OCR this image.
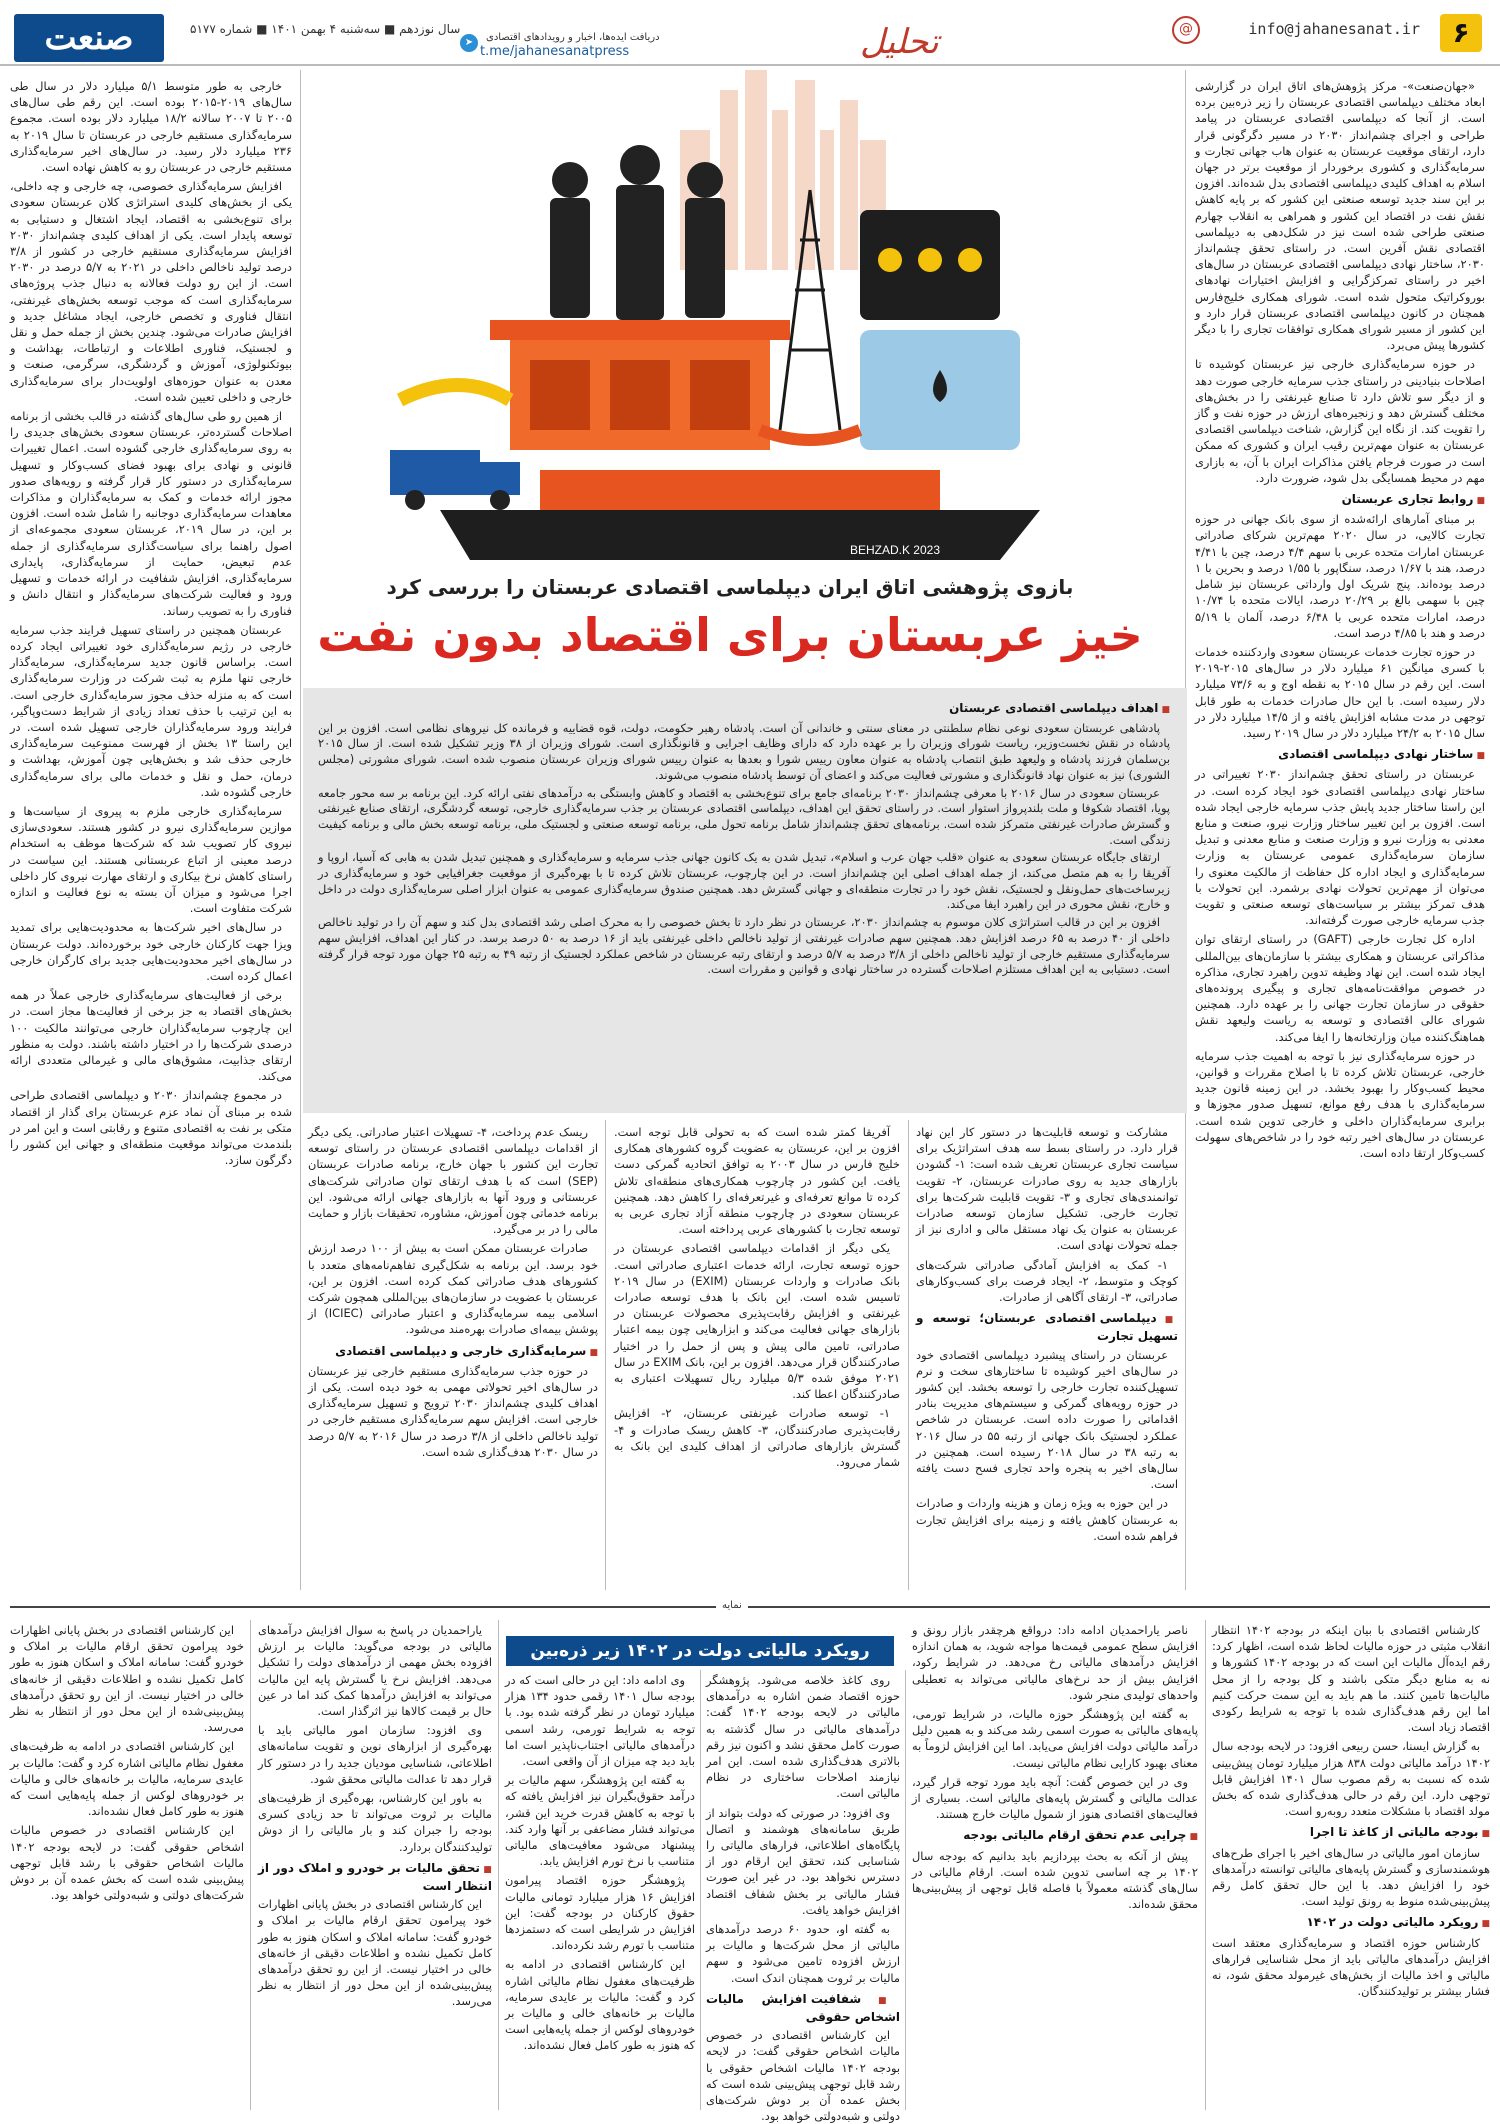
۶
info@jahanesanat.ir
@
تحلیل
➤	دریافت ایده‌ها، اخبار و رویدادهای اقتصادی
t.me/jahanesanatpress
سال نوزدهم ■ سه‌شنبه ۴ بهمن ۱۴۰۱ ■ شماره ۵۱۷۷
صنعت

«جهان‌صنعت»- مرکز پژوهش‌های اتاق ایران در گزارشی ابعاد مختلف دیپلماسی اقتصادی عربستان را زیر ذره‌بین برده است. از آنجا که دیپلماسی اقتصادی عربستان در پیامد طراحی و اجرای چشم‌انداز ۲۰۳۰ در مسیر دگرگونی قرار دارد، ارتقای موقعیت عربستان به عنوان هاب جهانی تجارت و سرمایه‌گذاری و کشوری برخوردار از موقعیت برتر در جهان اسلام به اهداف کلیدی دیپلماسی اقتصادی بدل شده‌اند. افزون بر این سند جدید توسعه صنعتی این کشور که بر پایه کاهش نقش نفت در اقتصاد این کشور و همراهی به انقلاب چهارم صنعتی طراحی شده است نیز در شکل‌دهی به دیپلماسی اقتصادی نقش آفرین است. در راستای تحقق چشم‌انداز ۲۰۳۰، ساختار نهادی دیپلماسی اقتصادی عربستان در سال‌های اخیر در راستای تمرکزگرایی و افزایش اختیارات نهادهای بوروکراتیک متحول شده است. شورای همکاری خلیج‌فارس همچنان در کانون دیپلماسی اقتصادی عربستان قرار دارد و این کشور از مسیر شورای همکاری توافقات تجاری را با دیگر کشورها پیش می‌برد.

در حوزه سرمایه‌گذاری خارجی نیز عربستان کوشیده تا اصلاحات بنیادینی در راستای جذب سرمایه خارجی صورت دهد و از دیگر سو تلاش دارد تا صنایع غیرنفتی را در بخش‌های مختلف گسترش دهد و زنجیره‌های ارزش در حوزه نفت و گاز را تقویت کند. از نگاه این گزارش، شناخت دیپلماسی اقتصادی عربستان به عنوان مهم‌ترین رقیب ایران و کشوری که ممکن است در صورت فرجام یافتن مذاکرات ایران با آن، به بازاری مهم در محیط همسایگی بدل شود، ضرورت دارد.

■ روابط تجاری عربستان

بر مبنای آمارهای ارائه‌شده از سوی بانک جهانی در حوزه تجارت کالایی، در سال ۲۰۲۰ مهم‌ترین شرکای صادراتی عربستان امارات متحده عربی با سهم ۴/۴ درصد، چین با ۴/۴۱ درصد، هند با ۱/۶۷ درصد، سنگاپور با ۱/۵۵ درصد و بحرین با ۱ درصد بوده‌اند. پنج شریک اول وارداتی عربستان نیز شامل چین با سهمی بالغ بر ۲۰/۲۹ درصد، ایالات متحده با ۱۰/۷۴ درصد، امارات متحده عربی با ۶/۴۸ درصد، آلمان با ۵/۱۹ درصد و هند با ۴/۸۵ درصد است.

در حوزه تجارت خدمات عربستان سعودی واردکننده خدمات با کسری میانگین ۶۱ میلیارد دلار در سال‌های ۲۰۱۵-۲۰۱۹ است. این رقم در سال ۲۰۱۵ به نقطه اوج و به ۷۳/۶ میلیارد دلار رسیده است. با این حال صادرات خدمات به طور قابل توجهی در مدت مشابه افزایش یافته و از ۱۴/۵ میلیارد دلار در سال ۲۰۱۵ به ۲۴/۲ میلیارد دلار در سال ۲۰۱۹ رسید.

■ ساختار نهادی دیپلماسی اقتصادی

عربستان در راستای تحقق چشم‌انداز ۲۰۳۰ تغییراتی در ساختار نهادی دیپلماسی اقتصادی خود ایجاد کرده است. در این راستا ساختار جدید پایش جذب سرمایه خارجی ایجاد شده است. افزون بر این تغییر ساختار وزارت نیرو، صنعت و منابع معدنی به وزارت نیرو و وزارت صنعت و منابع معدنی و تبدیل سازمان سرمایه‌گذاری عمومی عربستان به وزارت سرمایه‌گذاری و ایجاد اداره کل حفاظت از مالکیت معنوی را می‌توان از مهم‌ترین تحولات نهادی برشمرد. این تحولات با هدف تمرکز بیشتر بر سیاست‌های توسعه صنعتی و تقویت جذب سرمایه خارجی صورت گرفته‌اند.

اداره کل تجارت خارجی (GAFT) در راستای ارتقای توان مذاکراتی عربستان و همکاری بیشتر با سازمان‌های بین‌المللی ایجاد شده است. این نهاد وظیفه تدوین راهبرد تجاری، مذاکره در خصوص موافقت‌نامه‌های تجاری و پیگیری پرونده‌های حقوقی در سازمان تجارت جهانی را بر عهده دارد. همچنین شورای عالی اقتصادی و توسعه به ریاست ولیعهد نقش هماهنگ‌کننده میان وزارتخانه‌ها را ایفا می‌کند.

در حوزه سرمایه‌گذاری نیز با توجه به اهمیت جذب سرمایه خارجی، عربستان تلاش کرده تا با اصلاح مقررات و قوانین، محیط کسب‌وکار را بهبود بخشد. در این زمینه قانون جدید سرمایه‌گذاری با هدف رفع موانع، تسهیل صدور مجوزها و برابری سرمایه‌گذاران داخلی و خارجی تدوین شده است. عربستان در سال‌های اخیر رتبه خود را در شاخص‌های سهولت کسب‌وکار ارتقا داده است.

BEHZAD.K 2023
بازوی پژوهشی اتاق ایران دیپلماسی اقتصادی عربستان را بررسی کرد
خیز عربستان برای اقتصاد بدون نفت
■ اهداف دیپلماسی اقتصادی عربستان

پادشاهی عربستان سعودی نوعی نظام سلطنتی در معنای سنتی و خاندانی آن است. پادشاه رهبر حکومت، دولت، قوه قضاییه و فرمانده کل نیروهای نظامی است. افزون بر این پادشاه در نقش نخست‌وزیر، ریاست شورای وزیران را بر عهده دارد که دارای وظایف اجرایی و قانونگذاری است. شورای وزیران از ۳۸ وزیر تشکیل شده است. از سال ۲۰۱۵ بن‌سلمان فرزند پادشاه و ولیعهد طبق انتصاب پادشاه به عنوان معاون رییس شورا و بعدها به عنوان رییس شورای وزیران عربستان منصوب شده است. شورای مشورتی (مجلس الشوری) نیز به عنوان نهاد قانونگذاری و مشورتی فعالیت می‌کند و اعضای آن توسط پادشاه منصوب می‌شوند.

عربستان سعودی در سال ۲۰۱۶ با معرفی چشم‌انداز ۲۰۳۰ برنامه‌ای جامع برای تنوع‌بخشی به اقتصاد و کاهش وابستگی به درآمدهای نفتی ارائه کرد. این برنامه بر سه محور جامعه پویا، اقتصاد شکوفا و ملت بلندپرواز استوار است. در راستای تحقق این اهداف، دیپلماسی اقتصادی عربستان بر جذب سرمایه‌گذاری خارجی، توسعه گردشگری، ارتقای صنایع غیرنفتی و گسترش صادرات غیرنفتی متمرکز شده است. برنامه‌های تحقق چشم‌انداز شامل برنامه تحول ملی، برنامه توسعه صنعتی و لجستیک ملی، برنامه توسعه بخش مالی و برنامه کیفیت زندگی است.

ارتقای جایگاه عربستان سعودی به عنوان «قلب جهان عرب و اسلام»، تبدیل شدن به یک کانون جهانی جذب سرمایه و سرمایه‌گذاری و همچنین تبدیل شدن به هابی که آسیا، اروپا و آفریقا را به هم متصل می‌کند، از جمله اهداف اصلی این چشم‌انداز است. در این چارچوب، عربستان تلاش کرده تا با بهره‌گیری از موقعیت جغرافیایی خود و سرمایه‌گذاری در زیرساخت‌های حمل‌ونقل و لجستیک، نقش خود را در تجارت منطقه‌ای و جهانی گسترش دهد. همچنین صندوق سرمایه‌گذاری عمومی به عنوان ابزار اصلی سرمایه‌گذاری دولت در داخل و خارج، نقش محوری در این راهبرد ایفا می‌کند.

افزون بر این در قالب استراتژی کلان موسوم به چشم‌انداز ۲۰۳۰، عربستان در نظر دارد تا بخش خصوصی را به محرک اصلی رشد اقتصادی بدل کند و سهم آن را در تولید ناخالص داخلی از ۴۰ درصد به ۶۵ درصد افزایش دهد. همچنین سهم صادرات غیرنفتی از تولید ناخالص داخلی غیرنفتی باید از ۱۶ درصد به ۵۰ درصد برسد. در کنار این اهداف، افزایش سهم سرمایه‌گذاری مستقیم خارجی از تولید ناخالص داخلی از ۳/۸ درصد به ۵/۷ درصد و ارتقای رتبه عربستان در شاخص عملکرد لجستیک از رتبه ۴۹ به رتبه ۲۵ جهان مورد توجه قرار گرفته است. دستیابی به این اهداف مستلزم اصلاحات گسترده در ساختار نهادی و قوانین و مقررات است.

مشارکت و توسعه قابلیت‌ها در دستور کار این نهاد قرار دارد. در راستای بسط سه هدف استراتژیک برای سیاست تجاری عربستان تعریف شده است: ۱- گشودن بازارهای جدید به روی صادرات عربستان، ۲- تقویت توانمندی‌های تجاری و ۳- تقویت قابلیت شرکت‌ها برای تجارت خارجی. تشکیل سازمان توسعه صادرات عربستان به عنوان یک نهاد مستقل مالی و اداری نیز از جمله تحولات نهادی است.

۱- کمک به افزایش آمادگی صادراتی شرکت‌های کوچک و متوسط، ۲- ایجاد فرصت برای کسب‌وکارهای صادراتی، ۳- ارتقای آگاهی از صادرات.

■ دیپلماسی اقتصادی عربستان؛ توسعه و تسهیل تجارت

عربستان در راستای پیشبرد دیپلماسی اقتصادی خود در سال‌های اخیر کوشیده تا ساختارهای سخت و نرم تسهیل‌کننده تجارت خارجی را توسعه بخشد. این کشور در حوزه رویه‌های گمرکی و سیستم‌های مدیریت بنادر اقداماتی را صورت داده است. عربستان در شاخص عملکرد لجستیک بانک جهانی از رتبه ۵۵ در سال ۲۰۱۶ به رتبه ۳۸ در سال ۲۰۱۸ رسیده است. همچنین در سال‌های اخیر به پنجره واحد تجاری فسح دست یافته است.

در این حوزه به ویژه زمان و هزینه واردات و صادرات به عربستان کاهش یافته و زمینه برای افزایش تجارت فراهم شده است.

آفریقا کمتر شده است که به تحولی قابل توجه است. افزون بر این، عربستان به عضویت گروه کشورهای همکاری خلیج فارس در سال ۲۰۰۳ به توافق اتحادیه گمرکی دست یافت. این کشور در چارچوب همکاری‌های منطقه‌ای تلاش کرده تا موانع تعرفه‌ای و غیرتعرفه‌ای را کاهش دهد. همچنین عربستان سعودی در چارچوب منطقه آزاد تجاری عربی به توسعه تجارت با کشورهای عربی پرداخته است.

یکی دیگر از اقدامات دیپلماسی اقتصادی عربستان در حوزه توسعه تجارت، ارائه خدمات اعتباری صادراتی است. بانک صادرات و واردات عربستان (EXIM) در سال ۲۰۱۹ تاسیس شده است. این بانک با هدف توسعه صادرات غیرنفتی و افزایش رقابت‌پذیری محصولات عربستان در بازارهای جهانی فعالیت می‌کند و ابزارهایی چون بیمه اعتبار صادراتی، تامین مالی پیش و پس از حمل را در اختیار صادرکنندگان قرار می‌دهد. افزون بر این، بانک EXIM در سال ۲۰۲۱ موفق شده ۵/۳ میلیارد ریال تسهیلات اعتباری به صادرکنندگان اعطا کند.

۱- توسعه صادرات غیرنفتی عربستان، ۲- افزایش رقابت‌پذیری صادرکنندگان، ۳- کاهش ریسک صادرات و ۴- گسترش بازارهای صادراتی از اهداف کلیدی این بانک به شمار می‌رود.

ریسک عدم پرداخت، ۴- تسهیلات اعتبار صادراتی. یکی دیگر از اقدامات دیپلماسی اقتصادی عربستان در راستای توسعه تجارت این کشور با جهان خارج، برنامه صادرات عربستان (SEP) است که با هدف ارتقای توان صادراتی شرکت‌های عربستانی و ورود آنها به بازارهای جهانی ارائه می‌شود. این برنامه خدماتی چون آموزش، مشاوره، تحقیقات بازار و حمایت مالی را در بر می‌گیرد.

صادرات عربستان ممکن است به بیش از ۱۰۰ درصد ارزش خود برسد. این برنامه به شکل‌گیری تفاهم‌نامه‌های متعدد با کشورهای هدف صادراتی کمک کرده است. افزون بر این، عربستان با عضویت در سازمان‌های بین‌المللی همچون شرکت اسلامی بیمه سرمایه‌گذاری و اعتبار صادراتی (ICIEC) از پوشش بیمه‌ای صادرات بهره‌مند می‌شود.

■ سرمایه‌گذاری خارجی و دیپلماسی اقتصادی

در حوزه جذب سرمایه‌گذاری مستقیم خارجی نیز عربستان در سال‌های اخیر تحولاتی مهمی به خود دیده است. یکی از اهداف کلیدی چشم‌انداز ۲۰۳۰ ترویج و تسهیل سرمایه‌گذاری خارجی است. افزایش سهم سرمایه‌گذاری مستقیم خارجی در تولید ناخالص داخلی از ۳/۸ درصد در سال ۲۰۱۶ به ۵/۷ درصد در سال ۲۰۳۰ هدف‌گذاری شده است.

خارجی به طور متوسط ۵/۱ میلیارد دلار در سال طی سال‌های ۲۰۱۹-۲۰۱۵ بوده است. این رقم طی سال‌های ۲۰۰۵ تا ۲۰۰۷ سالانه ۱۸/۲ میلیارد دلار بوده است. مجموع سرمایه‌گذاری مستقیم خارجی در عربستان تا سال ۲۰۱۹ به ۲۳۶ میلیارد دلار رسید. در سال‌های اخیر سرمایه‌گذاری مستقیم خارجی در عربستان رو به کاهش نهاده است.

افزایش سرمایه‌گذاری خصوصی، چه خارجی و چه داخلی، یکی از بخش‌های کلیدی استراتژی کلان عربستان سعودی برای تنوع‌بخشی به اقتصاد، ایجاد اشتغال و دستیابی به توسعه پایدار است. یکی از اهداف کلیدی چشم‌انداز ۲۰۳۰ افزایش سرمایه‌گذاری مستقیم خارجی در کشور از ۳/۸ درصد تولید ناخالص داخلی در ۲۰۲۱ به ۵/۷ درصد در ۲۰۳۰ است. از این رو دولت فعالانه به دنبال جذب پروژه‌های سرمایه‌گذاری است که موجب توسعه بخش‌های غیرنفتی، انتقال فناوری و تخصص خارجی، ایجاد مشاغل جدید و افزایش صادرات می‌شود. چندین بخش از جمله حمل و نقل و لجستیک، فناوری اطلاعات و ارتباطات، بهداشت و بیوتکنولوژی، آموزش و گردشگری، سرگرمی، صنعت و معدن به عنوان حوزه‌های اولویت‌دار برای سرمایه‌گذاری خارجی و داخلی تعیین شده است.

از همین رو طی سال‌های گذشته در قالب بخشی از برنامه اصلاحات گسترده‌تر، عربستان سعودی بخش‌های جدیدی را به روی سرمایه‌گذاری خارجی گشوده است. اعمال تغییرات قانونی و نهادی برای بهبود فضای کسب‌وکار و تسهیل سرمایه‌گذاری در دستور کار قرار گرفته و رویه‌های صدور مجوز ارائه خدمات و کمک به سرمایه‌گذاران و مذاکرات معاهدات سرمایه‌گذاری دوجانبه را شامل شده است. افزون بر این، در سال ۲۰۱۹، عربستان سعودی مجموعه‌ای از اصول راهنما برای سیاست‌گذاری سرمایه‌گذاری از جمله عدم تبعیض، حمایت از سرمایه‌گذاری، پایداری سرمایه‌گذاری، افزایش شفافیت در ارائه خدمات و تسهیل ورود و فعالیت شرکت‌های سرمایه‌گذار و انتقال دانش و فناوری را به تصویب رساند.

عربستان همچنین در راستای تسهیل فرایند جذب سرمایه خارجی در رژیم سرمایه‌گذاری خود تغییراتی ایجاد کرده است. براساس قانون جدید سرمایه‌گذاری، سرمایه‌گذار خارجی تنها ملزم به ثبت شرکت در وزارت سرمایه‌گذاری است که به منزله حذف مجوز سرمایه‌گذاری خارجی است. به این ترتیب با حذف تعداد زیادی از شرایط دست‌وپاگیر، فرایند ورود سرمایه‌گذاران خارجی تسهیل شده است. در این راستا ۱۳ بخش از فهرست ممنوعیت سرمایه‌گذاری خارجی حذف شد و بخش‌هایی چون آموزش، بهداشت و درمان، حمل و نقل و خدمات مالی برای سرمایه‌گذاری خارجی گشوده شد.

سرمایه‌گذاری خارجی ملزم به پیروی از سیاست‌ها و موازین سرمایه‌گذاری نیرو در کشور هستند. سعودی‌سازی نیروی کار تصویب شد که شرکت‌ها موظف به استخدام درصد معینی از اتباع عربستانی هستند. این سیاست در راستای کاهش نرخ بیکاری و ارتقای مهارت نیروی کار داخلی اجرا می‌شود و میزان آن بسته به نوع فعالیت و اندازه شرکت متفاوت است.

در سال‌های اخیر شرکت‌ها به محدودیت‌هایی برای تمدید ویزا جهت کارکنان خارجی خود برخورده‌اند. دولت عربستان در سال‌های اخیر محدودیت‌هایی جدید برای کارگران خارجی اعمال کرده است.

برخی از فعالیت‌های سرمایه‌گذاری خارجی عملاً در همه بخش‌های اقتصاد به جز برخی از فعالیت‌ها مجاز است. در این چارچوب سرمایه‌گذاران خارجی می‌توانند مالکیت ۱۰۰ درصدی شرکت‌ها را در اختیار داشته باشند. دولت به منظور ارتقای جذابیت، مشوق‌های مالی و غیرمالی متعددی ارائه می‌کند.

در مجموع چشم‌انداز ۲۰۳۰ و دیپلماسی اقتصادی طراحی شده بر مبنای آن نماد عزم عربستان برای گذار از اقتصاد متکی بر نفت به اقتصادی متنوع و رقابتی است و این امر در بلندمدت می‌تواند موقعیت منطقه‌ای و جهانی این کشور را دگرگون سازد.

نمایه
رویکرد مالیاتی دولت در ۱۴۰۲ زیر ذره‌بین

کارشناس اقتصادی با بیان اینکه در بودجه ۱۴۰۲ انتظار انقلاب مثبتی در حوزه مالیات لحاظ شده است، اظهار کرد: رقم ایده‌آل مالیات این است که در بودجه ۱۴۰۲ کشورها و نه به منابع دیگر متکی باشند و کل بودجه را از محل مالیات‌ها تامین کنند. ما هم باید به این سمت حرکت کنیم اما این رقم هدف‌گذاری شده با توجه به شرایط رکودی اقتصاد زیاد است.

به گزارش ایسنا، حسن ربیعی افزود: در لایحه بودجه سال ۱۴۰۲ درآمد مالیاتی دولت ۸۳۸ هزار میلیارد تومان پیش‌بینی شده که نسبت به رقم مصوب سال ۱۴۰۱ افزایش قابل توجهی دارد. این رقم در حالی هدف‌گذاری شده که بخش مولد اقتصاد با مشکلات متعدد روبه‌رو است.

■ بودجه مالیاتی از کاغذ تا اجرا

سازمان امور مالیاتی در سال‌های اخیر با اجرای طرح‌های هوشمندسازی و گسترش پایه‌های مالیاتی توانسته درآمدهای خود را افزایش دهد. با این حال تحقق کامل رقم پیش‌بینی‌شده منوط به رونق تولید است.

■ رویکرد مالیاتی دولت در ۱۴۰۲

کارشناس حوزه اقتصاد و سرمایه‌گذاری معتقد است افزایش درآمدهای مالیاتی باید از محل شناسایی فرارهای مالیاتی و اخذ مالیات از بخش‌های غیرمولد محقق شود، نه فشار بیشتر بر تولیدکنندگان.

ناصر یاراحمدیان ادامه داد: درواقع هرچقدر بازار رونق و افزایش سطح عمومی قیمت‌ها مواجه شوید، به همان اندازه افزایش درآمدهای مالیاتی رخ می‌دهد. در شرایط رکود، افزایش بیش از حد نرخ‌های مالیاتی می‌تواند به تعطیلی واحدهای تولیدی منجر شود.

به گفته این پژوهشگر حوزه مالیات، در شرایط تورمی، پایه‌های مالیاتی به صورت اسمی رشد می‌کند و به همین دلیل درآمد مالیاتی دولت افزایش می‌یابد. اما این افزایش لزوماً به معنای بهبود کارایی نظام مالیاتی نیست.

وی در این خصوص گفت: آنچه باید مورد توجه قرار گیرد، عدالت مالیاتی و گسترش پایه‌های مالیاتی است. بسیاری از فعالیت‌های اقتصادی هنوز از شمول مالیات خارج هستند.

■ چرایی عدم تحقق ارقام مالیاتی بودجه

پیش از آنکه به بحث بپردازیم باید بدانیم که بودجه سال ۱۴۰۲ بر چه اساسی تدوین شده است. ارقام مالیاتی در سال‌های گذشته معمولاً با فاصله قابل توجهی از پیش‌بینی‌ها محقق شده‌اند.

روی کاغذ خلاصه می‌شود. پژوهشگر حوزه اقتصاد ضمن اشاره به درآمدهای مالیاتی در لایحه بودجه ۱۴۰۲ گفت: درآمدهای مالیاتی در سال گذشته به صورت کامل محقق نشد و اکنون نیز رقم بالاتری هدف‌گذاری شده است. این امر نیازمند اصلاحات ساختاری در نظام مالیاتی است.

وی افزود: در صورتی که دولت بتواند از طریق سامانه‌های هوشمند و اتصال پایگاه‌های اطلاعاتی، فرارهای مالیاتی را شناسایی کند، تحقق این ارقام دور از دسترس نخواهد بود. در غیر این صورت فشار مالیاتی بر بخش شفاف اقتصاد افزایش خواهد یافت.

به گفته او، حدود ۶۰ درصد درآمدهای مالیاتی از محل شرکت‌ها و مالیات بر ارزش افزوده تامین می‌شود و سهم مالیات بر ثروت همچنان اندک است.

■ شفافیت افزایش مالیات اشخاص حقوقی

این کارشناس اقتصادی در خصوص مالیات اشخاص حقوقی گفت: در لایحه بودجه ۱۴۰۲ مالیات اشخاص حقوقی با رشد قابل توجهی پیش‌بینی شده است که بخش عمده آن بر دوش شرکت‌های دولتی و شبه‌دولتی خواهد بود.

وی ادامه داد: این در حالی است که در بودجه سال ۱۴۰۱ رقمی حدود ۱۳۴ هزار میلیارد تومان در نظر گرفته شده بود. با توجه به شرایط تورمی، رشد اسمی درآمدهای مالیاتی اجتناب‌ناپذیر است اما باید دید چه میزان از آن واقعی است.

به گفته این پژوهشگر، سهم مالیات بر درآمد حقوق‌بگیران نیز افزایش یافته که با توجه به کاهش قدرت خرید این قشر، می‌تواند فشار مضاعفی بر آنها وارد کند. پیشنهاد می‌شود معافیت‌های مالیاتی متناسب با نرخ تورم افزایش یابد.

پژوهشگر حوزه اقتصاد پیرامون افزایش ۱۶ هزار میلیارد تومانی مالیات حقوق کارکنان در بودجه گفت: این افزایش در شرایطی است که دستمزدها متناسب با تورم رشد نکرده‌اند.

این کارشناس اقتصادی در ادامه به ظرفیت‌های مغفول نظام مالیاتی اشاره کرد و گفت: مالیات بر عایدی سرمایه، مالیات بر خانه‌های خالی و مالیات بر خودروهای لوکس از جمله پایه‌هایی است که هنوز به طور کامل فعال نشده‌اند.

یاراحمدیان در پاسخ به سوال افزایش درآمدهای مالیاتی در بودجه می‌گوید: مالیات بر ارزش افزوده بخش مهمی از درآمدهای دولت را تشکیل می‌دهد. افزایش نرخ یا گسترش پایه این مالیات می‌تواند به افزایش درآمدها کمک کند اما در عین حال بر قیمت کالاها نیز اثرگذار است.

وی افزود: سازمان امور مالیاتی باید با بهره‌گیری از ابزارهای نوین و تقویت سامانه‌های اطلاعاتی، شناسایی مودیان جدید را در دستور کار قرار دهد تا عدالت مالیاتی محقق شود.

به باور این کارشناس، بهره‌گیری از ظرفیت‌های مالیات بر ثروت می‌تواند تا حد زیادی کسری بودجه را جبران کند و بار مالیاتی را از دوش تولیدکنندگان بردارد.

■ تحقق مالیات بر خودرو و املاک دور از انتظار است

این کارشناس اقتصادی در بخش پایانی اظهارات خود پیرامون تحقق ارقام مالیات بر املاک و خودرو گفت: سامانه املاک و اسکان هنوز به طور کامل تکمیل نشده و اطلاعات دقیقی از خانه‌های خالی در اختیار نیست. از این رو تحقق درآمدهای پیش‌بینی‌شده از این محل دور از انتظار به نظر می‌رسد.

این کارشناس اقتصادی در بخش پایانی اظهارات خود پیرامون تحقق ارقام مالیات بر املاک و خودرو گفت: سامانه املاک و اسکان هنوز به طور کامل تکمیل نشده و اطلاعات دقیقی از خانه‌های خالی در اختیار نیست. از این رو تحقق درآمدهای پیش‌بینی‌شده از این محل دور از انتظار به نظر می‌رسد.

این کارشناس اقتصادی در ادامه به ظرفیت‌های مغفول نظام مالیاتی اشاره کرد و گفت: مالیات بر عایدی سرمایه، مالیات بر خانه‌های خالی و مالیات بر خودروهای لوکس از جمله پایه‌هایی است که هنوز به طور کامل فعال نشده‌اند.

این کارشناس اقتصادی در خصوص مالیات اشخاص حقوقی گفت: در لایحه بودجه ۱۴۰۲ مالیات اشخاص حقوقی با رشد قابل توجهی پیش‌بینی شده است که بخش عمده آن بر دوش شرکت‌های دولتی و شبه‌دولتی خواهد بود.
